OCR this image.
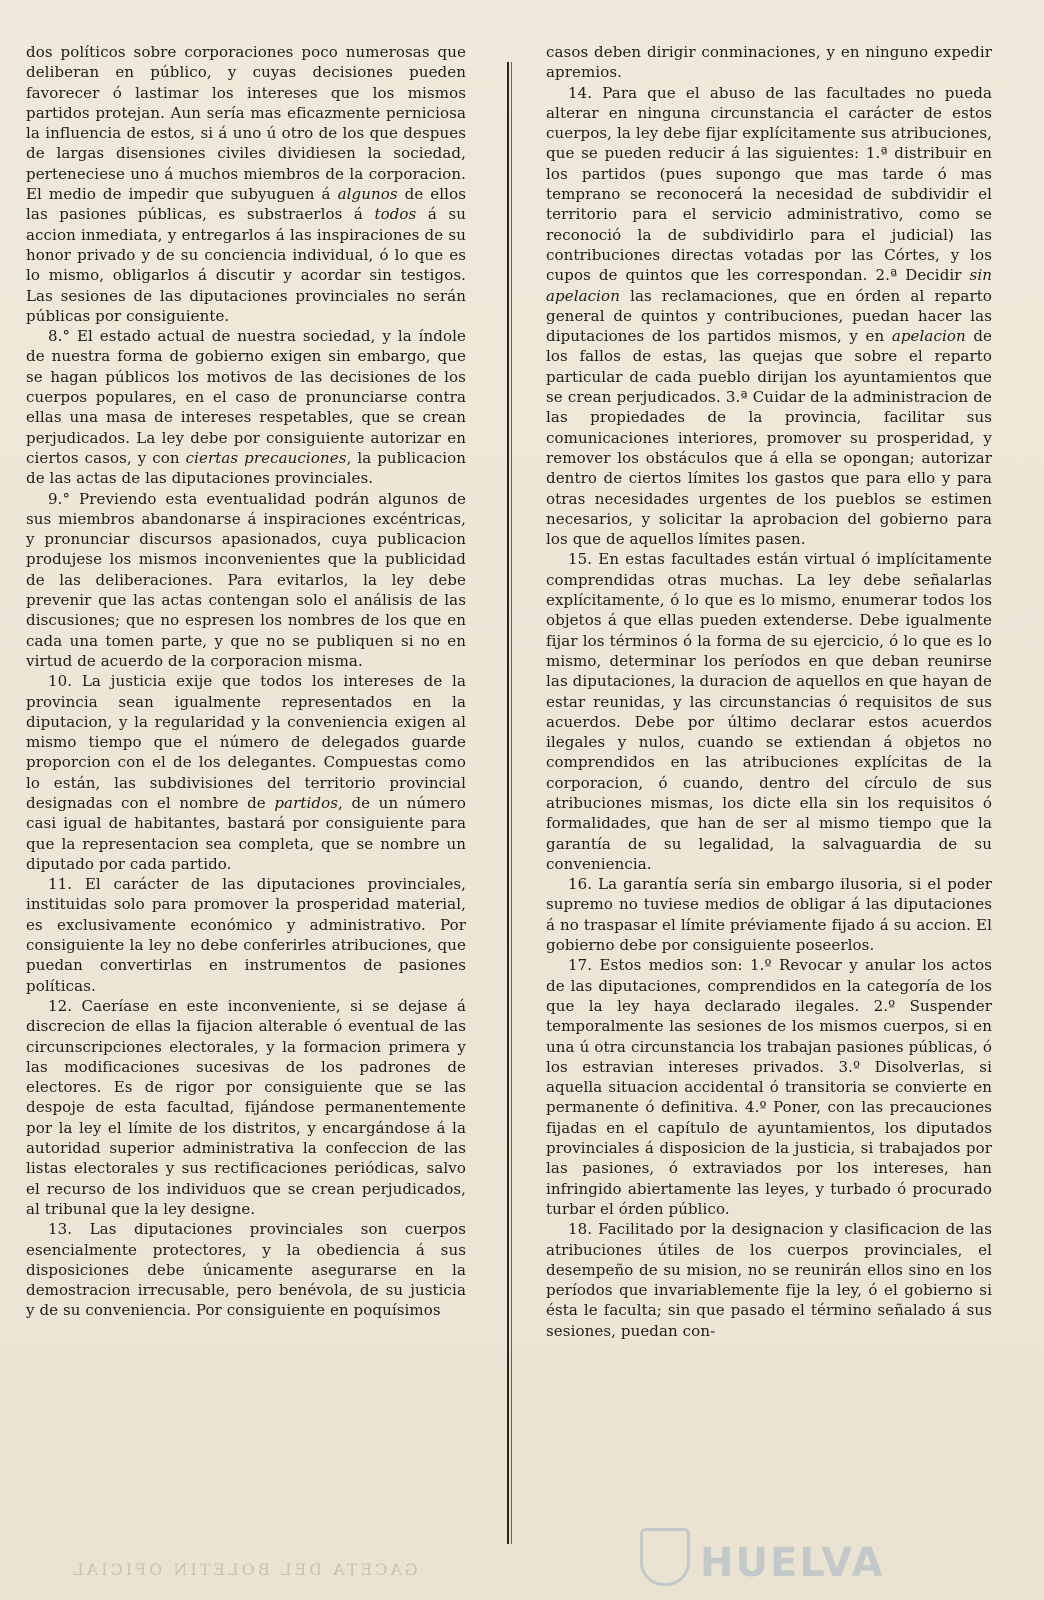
dos políticos sobre corporaciones poco numerosas que deliberan en público, y cuyas decisiones pueden favorecer ó lastimar los intereses que los mismos partidos protejan. Aun sería mas eficazmente perniciosa la influencia de estos, si á uno ú otro de los que despues de largas disensiones civiles dividiesen la sociedad, perteneciese uno á muchos miembros de la corporacion. El medio de impedir que subyuguen á algunos de ellos las pasiones públicas, es substraerlos á todos á su accion inmediata, y entregarlos á las inspiraciones de su honor privado y de su conciencia individual, ó lo que es lo mismo, obligarlos á discutir y acordar sin testigos. Las sesiones de las diputaciones provinciales no serán públicas por consiguiente.

8.° El estado actual de nuestra sociedad, y la índole de nuestra forma de gobierno exigen sin embargo, que se hagan públicos los motivos de las decisiones de los cuerpos populares, en el caso de pronunciarse contra ellas una masa de intereses respetables, que se crean perjudicados. La ley debe por consiguiente autorizar en ciertos casos, y con ciertas precauciones, la publicacion de las actas de las diputaciones provinciales.

9.° Previendo esta eventualidad podrán algunos de sus miembros abandonarse á inspiraciones excéntricas, y pronunciar discursos apasionados, cuya publicacion produjese los mismos inconvenientes que la publicidad de las deliberaciones. Para evitarlos, la ley debe prevenir que las actas contengan solo el análisis de las discusiones; que no espresen los nombres de los que en cada una tomen parte, y que no se publiquen si no en virtud de acuerdo de la corporacion misma.

10. La justicia exije que todos los intereses de la provincia sean igualmente representados en la diputacion, y la regularidad y la conveniencia exigen al mismo tiempo que el número de delegados guarde proporcion con el de los delegantes. Compuestas como lo están, las subdivisiones del territorio provincial designadas con el nombre de partidos, de un número casi igual de habitantes, bastará por consiguiente para que la representacion sea completa, que se nombre un diputado por cada partido.

11. El carácter de las diputaciones provinciales, instituidas solo para promover la prosperidad material, es exclusivamente económico y administrativo. Por consiguiente la ley no debe conferirles atribuciones, que puedan convertirlas en instrumentos de pasiones políticas.

12. Caeríase en este inconveniente, si se dejase á discrecion de ellas la fijacion alterable ó eventual de las circunscripciones electorales, y la formacion primera y las modificaciones sucesivas de los padrones de electores. Es de rigor por consiguiente que se las despoje de esta facultad, fijándose permanentemente por la ley el límite de los distritos, y encargándose á la autoridad superior administrativa la confeccion de las listas electorales y sus rectificaciones periódicas, salvo el recurso de los individuos que se crean perjudicados, al tribunal que la ley designe.

13. Las diputaciones provinciales son cuerpos esencialmente protectores, y la obediencia á sus disposiciones debe únicamente asegurarse en la demostracion irrecusable, pero benévola, de su justicia y de su conveniencia. Por consiguiente en poquísimos

casos deben dirigir conminaciones, y en ninguno expedir apremios.

14. Para que el abuso de las facultades no pueda alterar en ninguna circunstancia el carácter de estos cuerpos, la ley debe fijar explícitamente sus atribuciones, que se pueden reducir á las siguientes: 1.ª distribuir en los partidos (pues supongo que mas tarde ó mas temprano se reconocerá la necesidad de subdividir el territorio para el servicio administrativo, como se reconoció la de subdividirlo para el judicial) las contribuciones directas votadas por las Córtes, y los cupos de quintos que les correspondan. 2.ª Decidir sin apelacion las reclamaciones, que en órden al reparto general de quintos y contribuciones, puedan hacer las diputaciones de los partidos mismos, y en apelacion de los fallos de estas, las quejas que sobre el reparto particular de cada pueblo dirijan los ayuntamientos que se crean perjudicados. 3.ª Cuidar de la administracion de las propiedades de la provincia, facilitar sus comunicaciones interiores, promover su prosperidad, y remover los obstáculos que á ella se opongan; autorizar dentro de ciertos límites los gastos que para ello y para otras necesidades urgentes de los pueblos se estimen necesarios, y solicitar la aprobacion del gobierno para los que de aquellos límites pasen.

15. En estas facultades están virtual ó implícitamente comprendidas otras muchas. La ley debe señalarlas explícitamente, ó lo que es lo mismo, enumerar todos los objetos á que ellas pueden extenderse. Debe igualmente fijar los términos ó la forma de su ejercicio, ó lo que es lo mismo, determinar los períodos en que deban reunirse las diputaciones, la duracion de aquellos en que hayan de estar reunidas, y las circunstancias ó requisitos de sus acuerdos. Debe por último declarar estos acuerdos ilegales y nulos, cuando se extiendan á objetos no comprendidos en las atribuciones explícitas de la corporacion, ó cuando, dentro del círculo de sus atribuciones mismas, los dicte ella sin los requisitos ó formalidades, que han de ser al mismo tiempo que la garantía de su legalidad, la salvaguardia de su conveniencia.

16. La garantía sería sin embargo ilusoria, si el poder supremo no tuviese medios de obligar á las diputaciones á no traspasar el límite préviamente fijado á su accion. El gobierno debe por consiguiente poseerlos.

17. Estos medios son: 1.º Revocar y anular los actos de las diputaciones, comprendidos en la categoría de los que la ley haya declarado ilegales. 2.º Suspender temporalmente las sesiones de los mismos cuerpos, si en una ú otra circunstancia los trabajan pasiones públicas, ó los estravian intereses privados. 3.º Disolverlas, si aquella situacion accidental ó transitoria se convierte en permanente ó definitiva. 4.º Poner, con las precauciones fijadas en el capítulo de ayuntamientos, los diputados provinciales á disposicion de la justicia, si trabajados por las pasiones, ó extraviados por los intereses, han infringido abiertamente las leyes, y turbado ó procurado turbar el órden público.

18. Facilitado por la designacion y clasificacion de las atribuciones útiles de los cuerpos provinciales, el desempeño de su mision, no se reunirán ellos sino en los períodos que invariablemente fije la ley, ó el gobierno si ésta le faculta; sin que pasado el término señalado á sus sesiones, puedan con-

HUELVA
GACETA DEL BOLETIN OFICIAL
